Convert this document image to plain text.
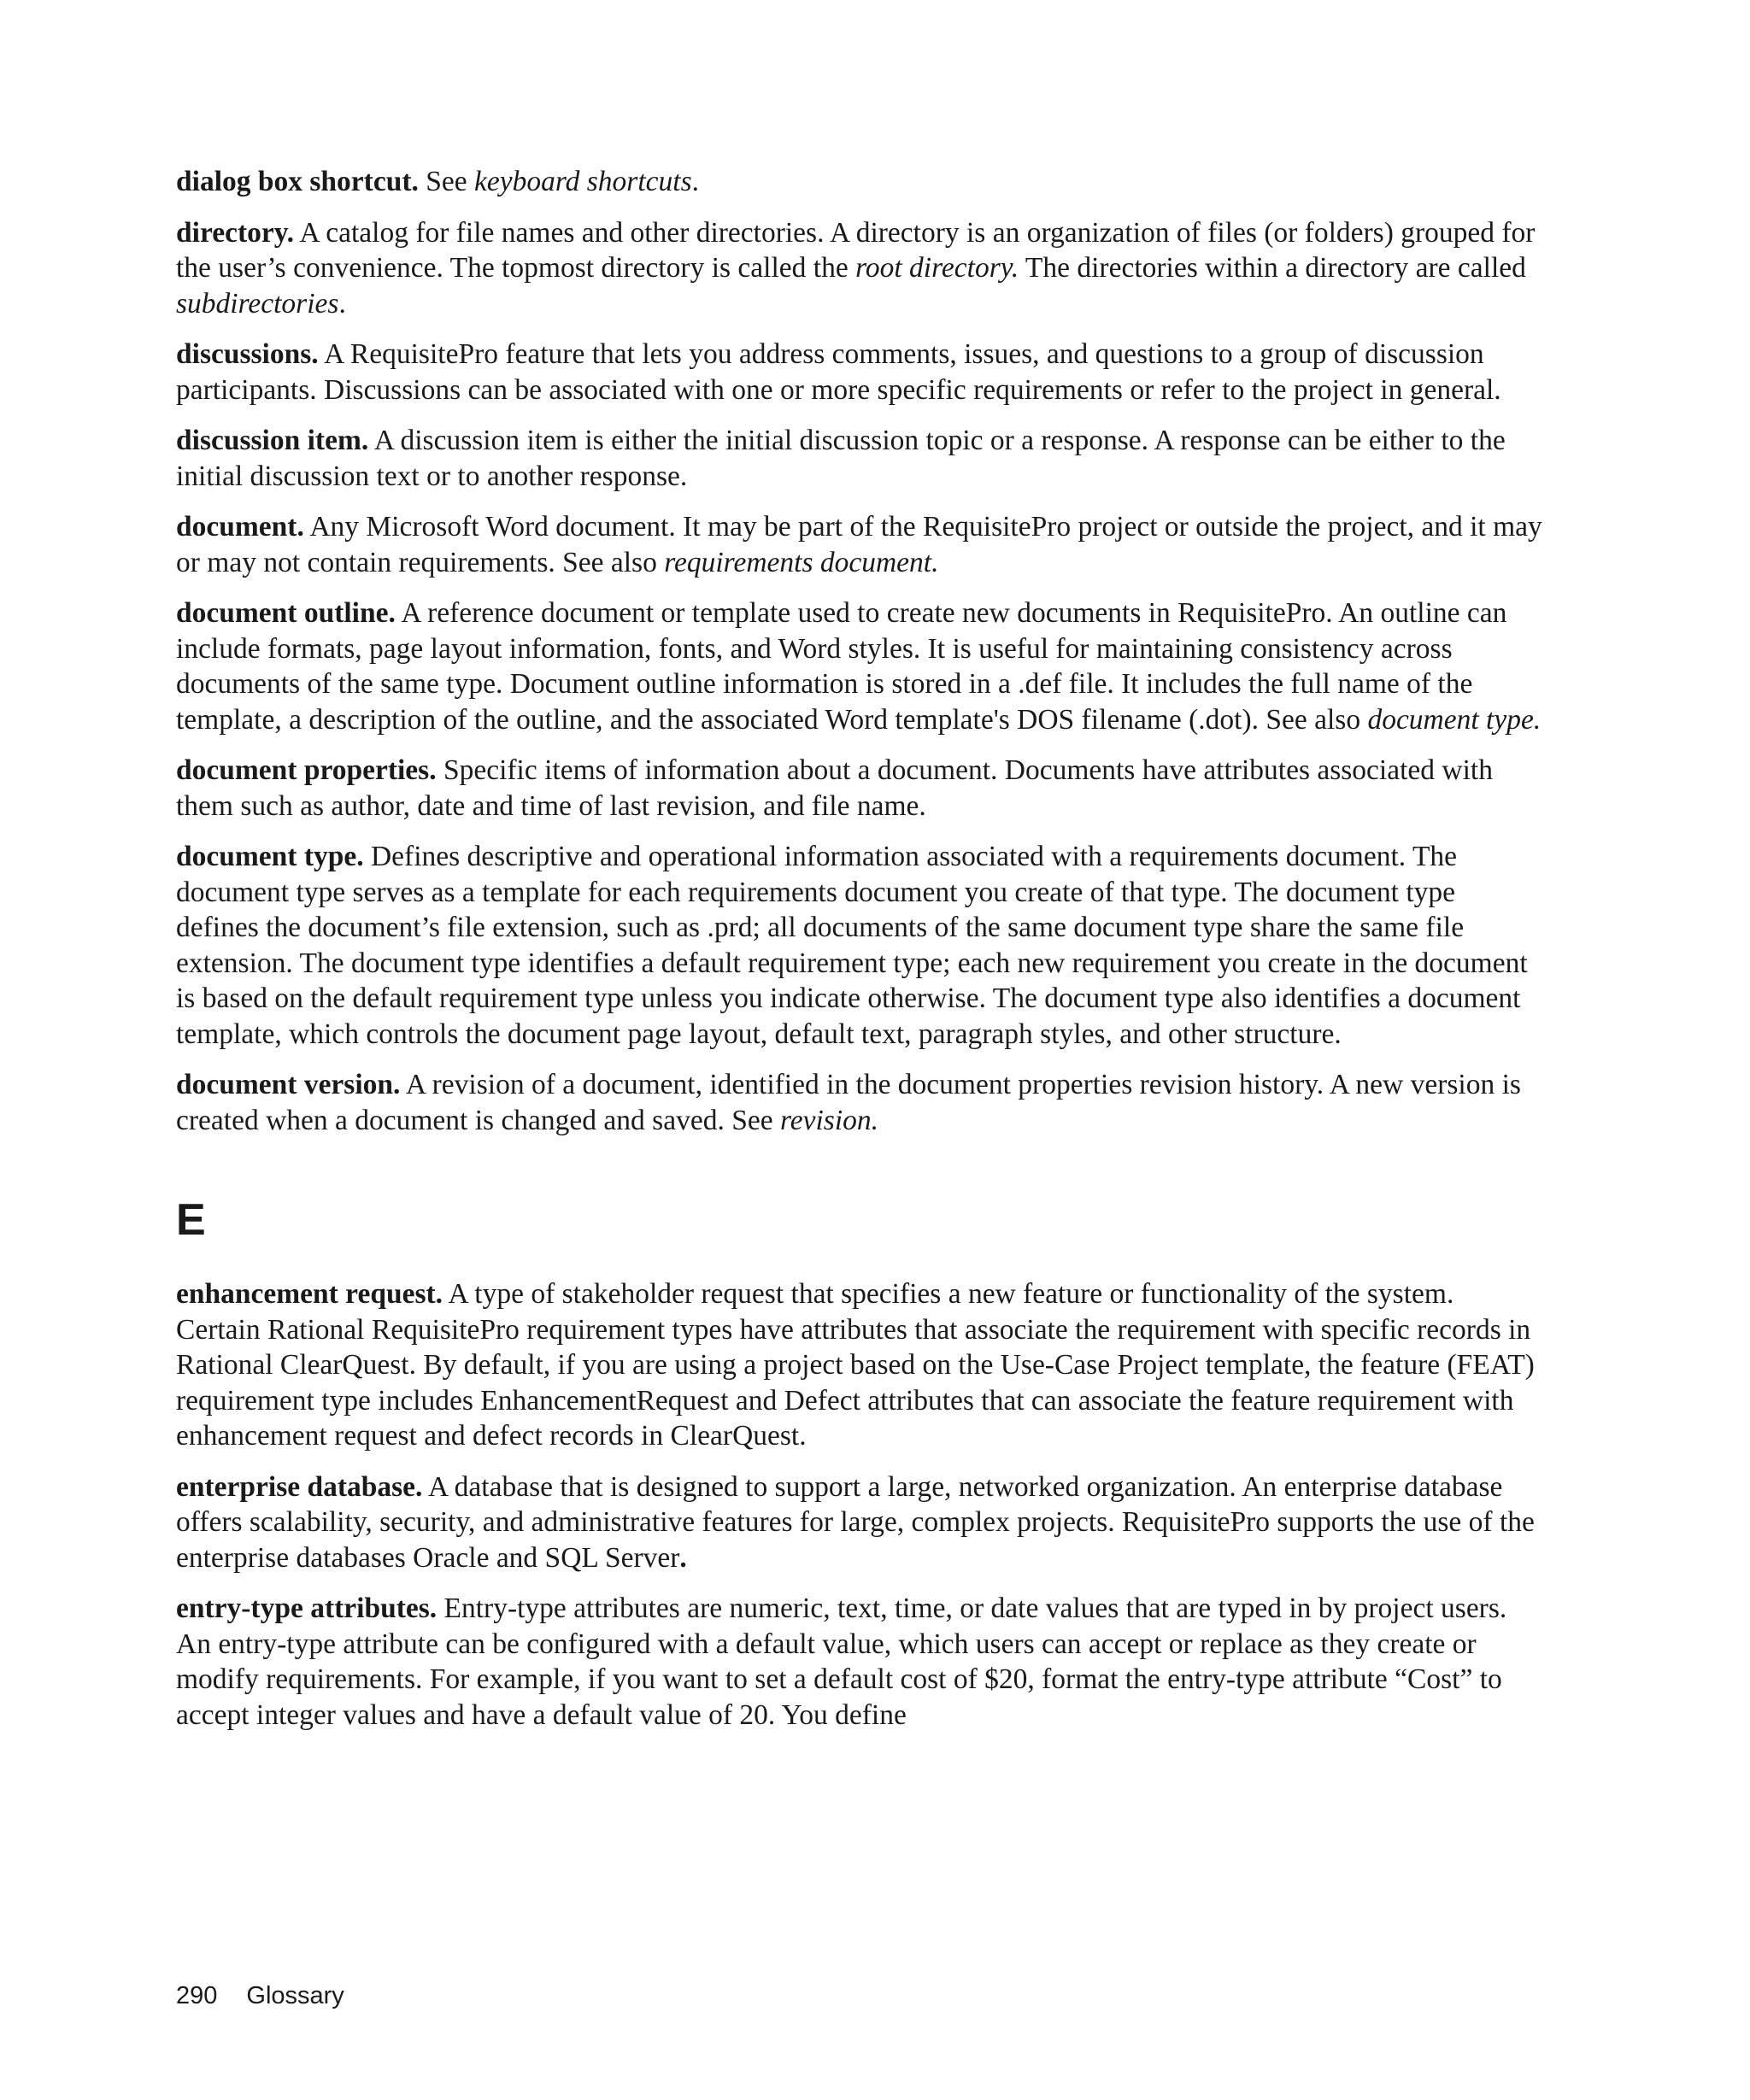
dialog box shortcut. See keyboard shortcuts.

directory. A catalog for file names and other directories. A directory is an organization of files (or folders) grouped for the user’s convenience. The topmost directory is called the root directory. The directories within a directory are called subdirectories.

discussions. A RequisitePro feature that lets you address comments, issues, and questions to a group of discussion participants. Discussions can be associated with one or more specific requirements or refer to the project in general.

discussion item. A discussion item is either the initial discussion topic or a response. A response can be either to the initial discussion text or to another response.

document. Any Microsoft Word document. It may be part of the RequisitePro project or outside the project, and it may or may not contain requirements. See also requirements document.

document outline. A reference document or template used to create new documents in RequisitePro. An outline can include formats, page layout information, fonts, and Word styles. It is useful for maintaining consistency across documents of the same type. Document outline information is stored in a .def file. It includes the full name of the template, a description of the outline, and the associated Word template's DOS filename (.dot). See also document type.

document properties. Specific items of information about a document. Documents have attributes associated with them such as author, date and time of last revision, and file name.

document type. Defines descriptive and operational information associated with a requirements document. The document type serves as a template for each requirements document you create of that type. The document type defines the document’s file extension, such as .prd; all documents of the same document type share the same file extension. The document type identifies a default requirement type; each new requirement you create in the document is based on the default requirement type unless you indicate otherwise. The document type also identifies a document template, which controls the document page layout, default text, paragraph styles, and other structure.

document version. A revision of a document, identified in the document properties revision history. A new version is created when a document is changed and saved. See revision.

E

enhancement request. A type of stakeholder request that specifies a new feature or functionality of the system. Certain Rational RequisitePro requirement types have attributes that associate the requirement with specific records in Rational ClearQuest. By default, if you are using a project based on the Use-Case Project template, the feature (FEAT) requirement type includes EnhancementRequest and Defect attributes that can associate the feature requirement with enhancement request and defect records in ClearQuest.

enterprise database. A database that is designed to support a large, networked organization. An enterprise database offers scalability, security, and administrative features for large, complex projects. RequisitePro supports the use of the enterprise databases Oracle and SQL Server.

entry-type attributes. Entry-type attributes are numeric, text, time, or date values that are typed in by project users. An entry-type attribute can be configured with a default value, which users can accept or replace as they create or modify requirements. For example, if you want to set a default cost of $20, format the entry-type attribute “Cost” to accept integer values and have a default value of 20. You define

290 Glossary
